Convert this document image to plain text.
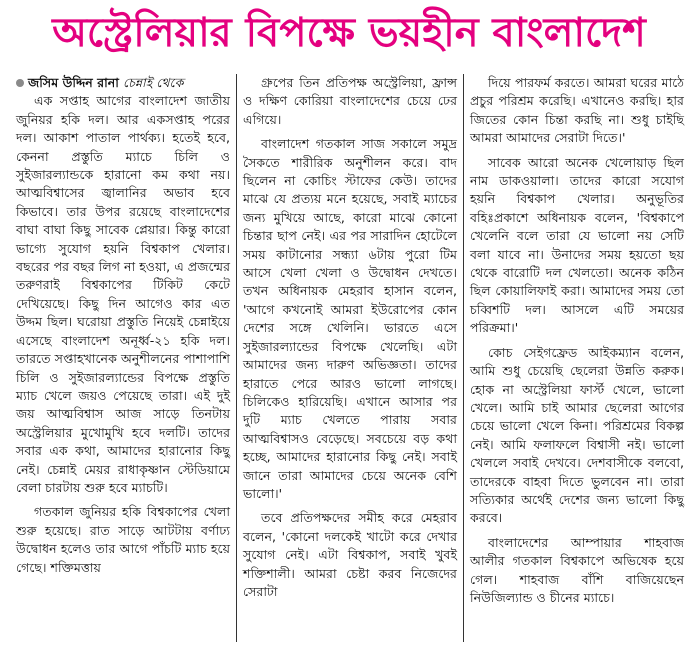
অস্ট্রেলিয়ার বিপক্ষে ভয়হীন বাংলাদেশ
জসিম উদ্দিন রানা চেন্নাই থেকে

এক সপ্তাহ আগের বাংলাদেশ জাতীয় জুনিয়র হকি দল। আর একসপ্তাহ পরের দল। আকাশ পাতাল পার্থক্য। হতেই হবে, কেননা প্রস্তুতি ম্যাচে চিলি ও সুইজারল্যান্ডকে হারানো কম কথা নয়। আত্মবিশ্বাসের জ্বালানির অভাব হবে কিভাবে। তার উপর রয়েছে বাংলাদেশের বাঘা বাঘা কিছু সাবেক প্লেয়ার। কিন্তু কারো ভাগ্যে সুযোগ হয়নি বিশ্বকাপ খেলার। বছরের পর বছর লিগ না হওয়া, এ প্রজন্মের তরুণরাই বিশ্বকাপের টিকিট কেটে দেখিয়েছে। কিছু দিন আগেও কার এত উদ্দম ছিল। ঘরোয়া প্রস্তুতি নিয়েই চেন্নাইয়ে এসেছে বাংলাদেশ অনূর্ধ্ব-২১ হকি দল। তারতে সপ্তাহখানেক অনুশীলনের পাশাপাশি চিলি ও সুইজারল্যান্ডের বিপক্ষে প্রস্তুতি ম্যাচ খেলে জয়ও পেয়েছে তারা। এই দুই জয় আত্মবিশ্বাস আজ সাড়ে তিনটায় অস্ট্রেলিয়ার মুখোমুখি হবে দলটি। তাদের সবার এক কথা, আমাদের হারানোর কিছু নেই। চেন্নাই মেয়র রাধাকৃষ্ণান স্টেডিয়ামে বেলা চারটায় শুরু হবে ম্যাচটি।

গতকাল জুনিয়র হকি বিশ্বকাপের খেলা শুরু হয়েছে। রাত সাড়ে আটটায় বর্ণাঢ্য উদ্বোধন হলেও তার আগে পাঁচটি ম্যাচ হয়ে গেছে। শক্তিমত্তায়

গ্রুপের তিন প্রতিপক্ষ অস্ট্রেলিয়া, ফ্রান্স ও দক্ষিণ কোরিয়া বাংলাদেশের চেয়ে ঢের এগিয়ে।

বাংলাদেশ গতকাল সাজ সকালে সমুদ্র সৈকতে শারীরিক অনুশীলন করে। বাদ ছিলেন না কোচিং স্টাফের কেউ। তাদের মাঝে যে প্রত্যয় মনে হয়েছে, সবাই ম্যাচের জন্য মুখিয়ে আছে, কারো মাঝে কোনো চিন্তার ছাপ নেই। এর পর সারাদিন হোটেলে সময় কাটানোর সন্ধ্যা ৬টায় পুরো টিম আসে খেলা খেলা ও উদ্বোধন দেখতে। তখন অধিনায়ক মেহরাব হাসান বলেন, 'আগে কখনোই আমরা ইউরোপের কোন দেশের সঙ্গে খেলিনি। ভারতে এসে সুইজারল্যান্ডের বিপক্ষে খেলেছি। এটা আমাদের জন্য দারুণ অভিজ্ঞতা। তাদের হারাতে পেরে আরও ভালো লাগছে। চিলিকেও হারিয়েছি। এখানে আসার পর দুটি ম্যাচ খেলতে পারায় সবার আত্মবিশ্বাসও বেড়েছে। সবচেয়ে বড় কথা হচ্ছে, আমাদের হারানোর কিছু নেই। সবাই জানে তারা আমাদের চেয়ে অনেক বেশি ভালো।'

তবে প্রতিপক্ষদের সমীহ করে মেহরাব বলেন, 'কোনো দলকেই খাটো করে দেখার সুযোগ নেই। এটা বিশ্বকাপ, সবাই খুবই শক্তিশালী। আমরা চেষ্টা করব নিজেদের সেরাটা

দিয়ে পারফর্ম করতে। আমরা ঘরের মাঠে প্রচুর পরিশ্রম করেছি। এখানেও করছি। হার জিতের কোন চিন্তা করছি না। শুধু চাইছি আমরা আমাদের সেরাটা দিতে।'

সাবেক আরো অনেক খেলোয়াড় ছিল নাম ডাকওয়ালা। তাদের কারো সযোগ হয়নি বিশ্বকাপ খেলার। অনুভূতির বহিঃপ্রকাশে অধিনায়ক বলেন, 'বিশ্বকাপে খেলেনি বলে তারা যে ভালো নয় সেটি বলা যাবে না। উনাদের সময় হয়তো ছয় থেকে বারোটি দল খেলতো। অনেক কঠিন ছিল কোয়ালিফাই করা। আমাদের সময় তো চব্বিশটি দল। আসলে এটি সময়ের পরিক্রমা।'

কোচ সেইগফ্রেড আইকম্যান বলেন, আমি শুধু চেয়েছি ছেলেরা উন্নতি করুক। হোক না অস্ট্রেলিয়া ফার্স্ট খেলে, ভালো খেলে। আমি চাই আমার ছেলেরা আগের চেয়ে ভালো খেলে কিনা। পরিশ্রমের বিকল্প নেই। আমি ফলাফলে বিশ্বাসী নই। ভালো খেললে সবাই দেখবে। দেশবাসীকে বলবো, তাদেরকে বাহবা দিতে ভুলবেন না। তারা সত্যিকার অর্থেই দেশের জন্য ভালো কিছু করবে।

বাংলাদেশের আম্পায়ার শাহবাজ আলীর গতকাল বিশ্বকাপে অভিষেক হয়ে গেল। শাহবাজ বাঁশি বাজিয়েছেন নিউজিল্যান্ড ও চীনের ম্যাচে।
